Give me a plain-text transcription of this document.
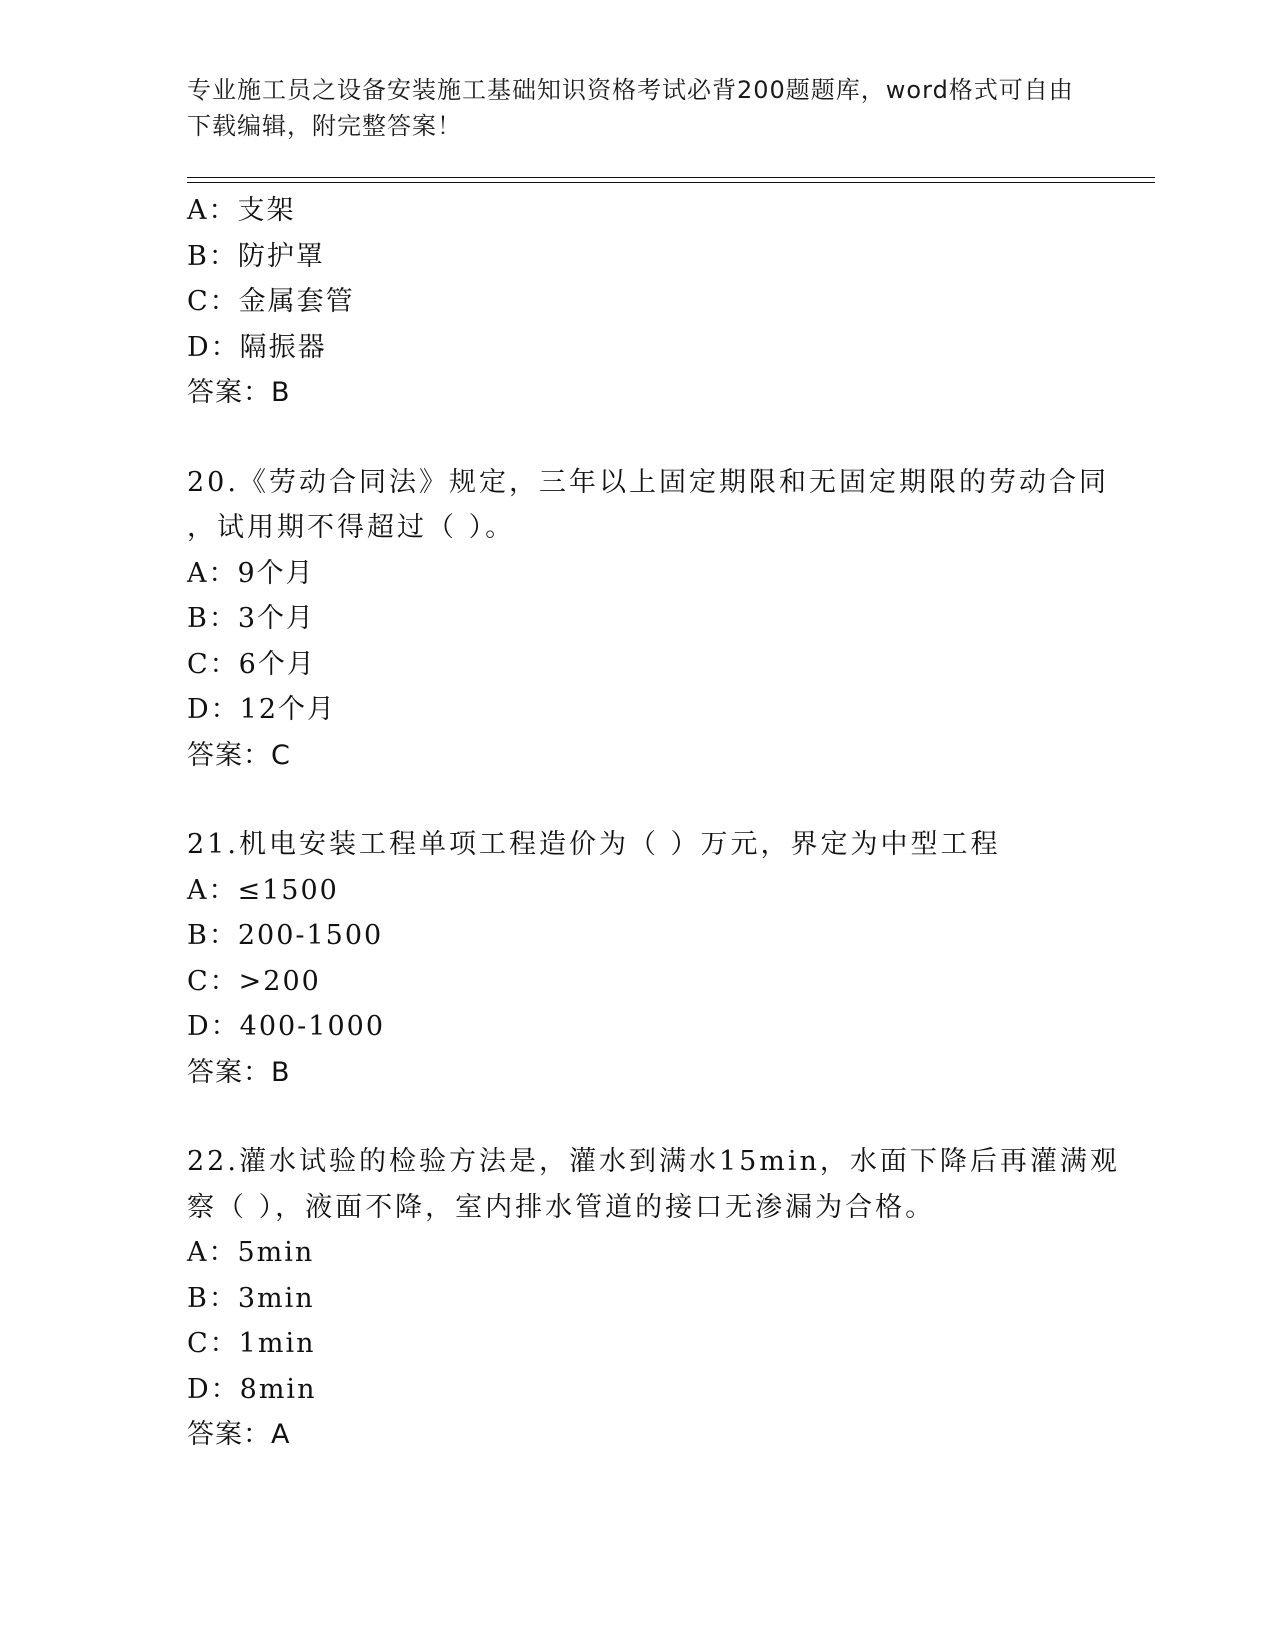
专业施工员之设备安装施工基础知识资格考试必背200题题库，word格式可自由
下载编辑，附完整答案！
A：支架
B：防护罩
C：金属套管
D：隔振器
答案：B
20.《劳动合同法》规定，三年以上固定期限和无固定期限的劳动合同
，试用期不得超过（ ）。
A：9个月
B：3个月
C：6个月
D：12个月
答案：C
21.机电安装工程单项工程造价为（ ）万元，界定为中型工程
A：≤1500
B：200-1500
C：>200
D：400-1000
答案：B
22.灌水试验的检验方法是，灌水到满水15min，水面下降后再灌满观
察（ ），液面不降，室内排水管道的接口无渗漏为合格。
A：5min
B：3min
C：1min
D：8min
答案：A
